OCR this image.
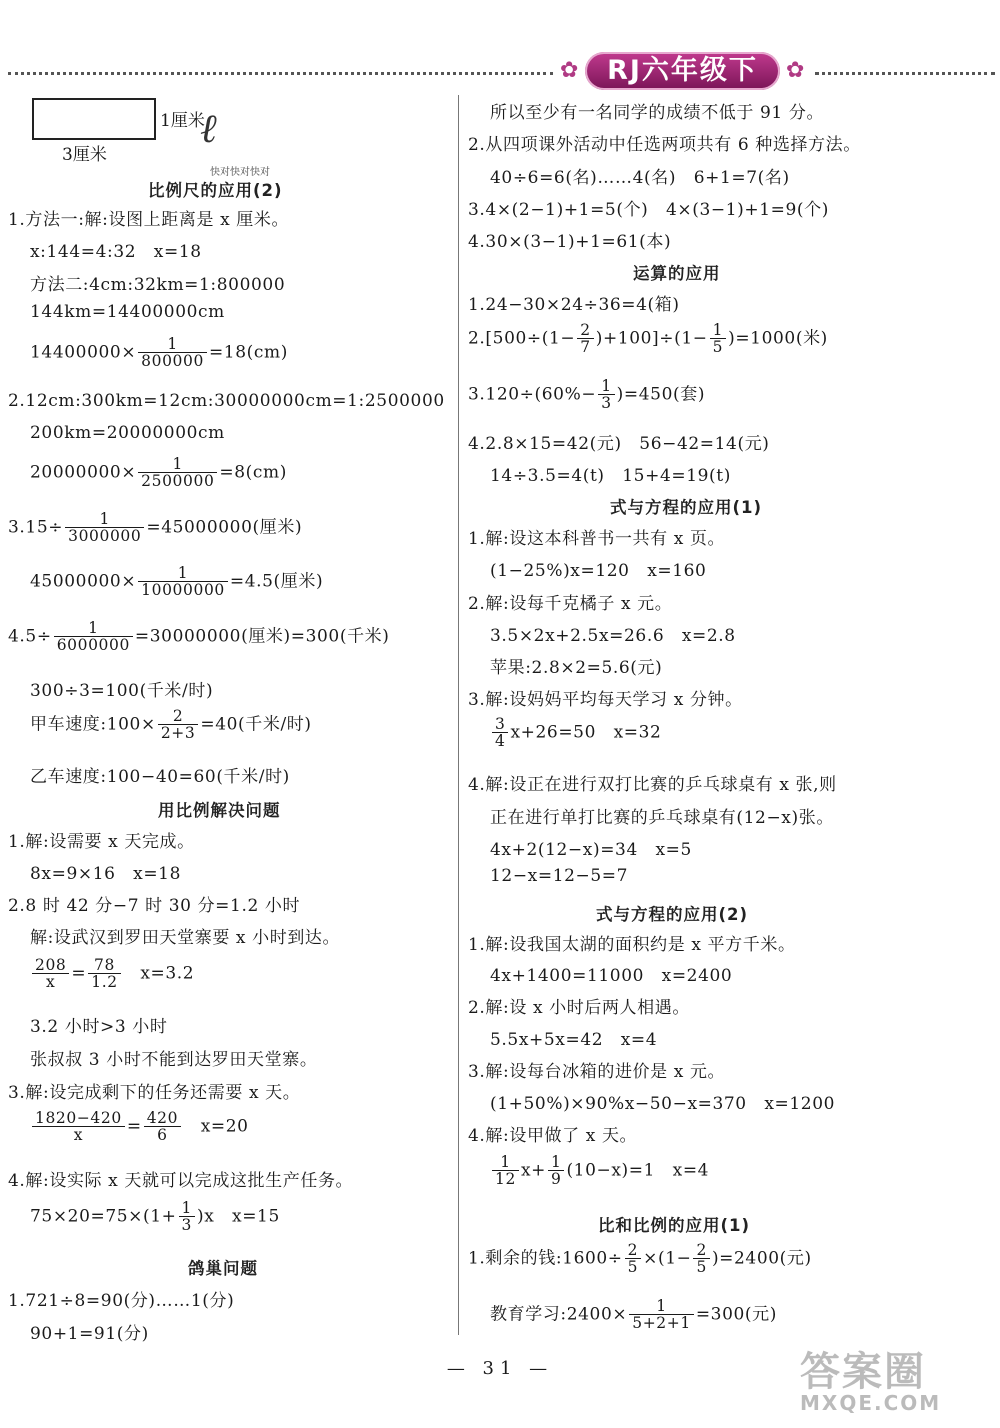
✿	RJ六年级下	✿
1厘米
3厘米
ℓ
快对快对快对
比例尺的应用(2)
1.方法一:解:设图上距离是 x 厘米。
x:144=4:32　x=18
方法二:4cm:32km=1:800000
144km=14400000cm
$14400000\times \frac{1}{800000} =18(cm)$
2.12cm:300km=12cm:30000000cm=1:2500000
200km=20000000cm
$20000000\times \frac{1}{2500000} =8(cm)$
$3.15\div \frac{1}{3000000} =45000000$(厘米)
$45000000\times \frac{1}{10000000} =4.5$(厘米)
$4.5\div \frac{1}{6000000} =30000000$(厘米)=300(千米)
300÷3=100(千米/时)
甲车速度:100× $\frac{2}{2+3} =40$(千米/时)
乙车速度:100−40=60(千米/时)
用比例解决问题
1.解:设需要 x 天完成。
8x=9×16　x=18
2.8 时 42 分−7 时 30 分=1.2 小时
解:设武汉到罗田天堂寨要 x 小时到达。
$\frac{208}{x} = \frac{78}{1.2}$
　 x=3.2
3.2 小时>3 小时
张叔叔 3 小时不能到达罗田天堂寨。
3.解:设完成剩下的任务还需要 x 天。
$\frac{1820-420}{x} = \frac{420}{6}$
　 x=20
4.解:设实际 x 天就可以完成这批生产任务。
$75\times 20=75\times(1+ \frac{1}{3} )x$　x=15
鸽巢问题
1.721÷8=90(分)……1(分)
90+1=91(分)
所以至少有一名同学的成绩不低于 91 分。
2.从四项课外活动中任选两项共有 6 种选择方法。
40÷6=6(名)……4(名)　6+1=7(名)
3.4×(2−1)+1=5(个)　4×(3−1)+1=9(个)
4.30×(3−1)+1=61(本)
运算的应用
1.24−30×24÷36=4(箱)
$2.[500\div(1- \frac{2}{7} )+100]\div(1- \frac{1}{5} )=1000$(米)
$3.120\div(60\%- \frac{1}{3} )=450$(套)
4.2.8×15=42(元)　56−42=14(元)
14÷3.5=4(t)　15+4=19(t)
式与方程的应用(1)
1.解:设这本科普书一共有 x 页。
(1−25%)x=120　x=160
2.解:设每千克橘子 x 元。
3.5×2x+2.5x=26.6　x=2.8
苹果:2.8×2=5.6(元)
3.解:设妈妈平均每天学习 x 分钟。
$\frac{3}{4} x+26=50$　x=32
4.解:设正在进行双打比赛的乒乓球桌有 x 张,则
正在进行单打比赛的乒乓球桌有(12−x)张。
4x+2(12−x)=34　x=5
12−x=12−5=7
式与方程的应用(2)
1.解:设我国太湖的面积约是 x 平方千米。
4x+1400=11000　x=2400
2.解:设 x 小时后两人相遇。
5.5x+5x=42　x=4
3.解:设每台冰箱的进价是 x 元。
(1+50%)×90%x−50−x=370　x=1200
4.解:设甲做了 x 天。
$\frac{1}{12} x+ \frac{1}{9} (10-x)=1$　x=4
比和比例的应用(1)
1.剩余的钱:1600÷ $\frac{2}{5} \times(1- \frac{2}{5} )=2400$(元)
教育学习:2400× $\frac{1}{5+2+1} =300$(元)
— 31 —	答案圈
MXQE.COM
